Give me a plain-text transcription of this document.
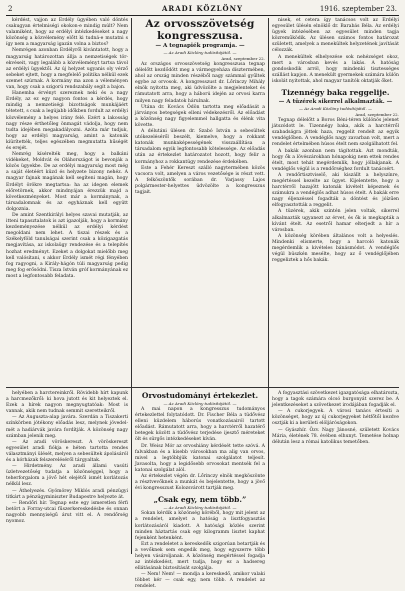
2	ARADI KÖZLÖNY	1916. szeptember 23.

kérdést, vajjon az Erdély ügyében való döntés csakugyan értelmiségi okokon-e mindig múlt? Nem valamiként, hogy az erdélyi intézkedéseket a nagy közönség a közvélemény előtt ki tudná-e mutatni s így nem a magyarság igazán volna a biztos?

Nemrégen azonban Erdélyről kivántatott, hogy a magyarság határozottan állja a nemzetiségek törekvéseit, vagy legalább a közvéleményt tartsa távol az erdélyi ügyektől. Az új helyzet ugyanis oly vérző sebeket ejtett, hogy a megfelelő politika nélkül ezek szemet szúrnak. A kormány ma azon a véleményen van, hogy csak a szigorú rendszabály segít a bajon.

Hanemha érvényt szereznek neki és a nagy Erdély, az ez egy nagyon fontos a kérdés, hogy mindig a nemzetiségi bizottságok munkájáért tétetett, s csak a legújabb időkben fordult az erdélyi közvélemény a helyes irány felé. Ezért a lakosság nagy része érthetőleg önmagát vádolja, hogy nem tudta idejében megakadályozni. Azóta már tudjuk, hogy az erdélyi magyarság, amint a katonák kiürítették, teljes egészében megmutatta hűségét és erejét.

Nemrég kísérelték meg, hogy a balkáni vidékeket, Moldvát és Oláhországot is bevonják a közös ügyekbe. De az erdélyi magyarság most még a saját életéért küzd és helyzete bizony nehéz. A magyar fajnak magának kell segíteni magán, hogy Erdélyt örökre megtartsa: ha az idegen elemek előretörnek, akkor mindnyájan érezzük majd a következményeket. Most már a kormánynak, a társadalomnak és az egyháznak kell együtt dolgoznia.

De amint Szentkirályi helyes szavai mutatják, az itteni tapasztalatok is azt igazolják, hogy a kormány kezdeményezése nélkül az erdélyi kérdést megoldani nem lehet. A tiszai részek és a Székelyföld tanulságai szerint csak a közigazgatás megjavítása, az iskolaügy rendezése és a telepítés hozhat eredményt. Ezeket a dolgokat mielőbb meg kell valósítani, s akkor Erdély ismét régi fényében fog ragyogni, a Király-hágón túli magyarság pedig meg fog erősödni. Tisza István gróf kormányának ez most a legfontosabb feladata.

Az orvosszövetség kongresszusa.

— A tegnapiék programja. —

— Az Aradi Közlöny tudósítójától. —

Arad, szeptember 22.

Az országos orvosszövetség kongresszusa tegnap délelőtt kezdődött meg a vármegyeháza dísztermében, ahol az ország minden részéből nagy számmal gyűltek egybe az orvosok. A kongresszust dr. Lőrinczy Mihály elnök nyitotta meg, aki üdvözölte a megjelenteket és rámutatott arra, hogy a háború idején az orvosi karra milyen nagy feladatok hárulnak.

Utána dr. Kovács Ödön tartotta meg előadását a járványos betegségek elleni védekezésről. Az előadást a közönség nagy figyelemmel hallgatta és élénk vita követte.

A délutáni ülésen dr. Szabó István a sebesültek utókezeléséről beszélt, kiemelve, hogy a rokkant katonák munkaképességének visszaállítása a társadalom egyik legfontosabb kötelessége. Az előadás után az értekezlet határozatot hozott, hogy felir a kormányhoz a rokkantügy rendezése érdekében.

Este a Fehér Kereszt szálló nagytermében közös vacsora volt, amelyen a város vezetősége is részt vett. A felköszöntők sorában dr. Varjassy Lajos polgármester-helyettes üdvözölte a kongresszus tagjait.

nisek, et cetera így tanácsos volt az Erdélyi egyesület ülésén elnöklő dr. Barabás Béla. Az erdélyi ügyek intézésében az egyesület minden tagja közreműködik. Az ülésen számos fontos határozat született, amelyek a menekültek helyzetének javítását célozzák.

A menekültek elhelyezése sok nehézséget okoz, mert a városban kevés a lakás. A hatóság gondoskodik arról, hogy mindenki tisztességes szállást kapjon. A menekült gyermekek számára külön iskolát nyitottak, ahol magyar tanítók oktatják őket.

Tizennégy baka reggelije.

— A tüzérek sikerrel alkalmazták. —

— Az Aradi Közlöny tudósítójától. —

Arad, szeptember 22.

Tegnap délelőtt a Boros Béni-téren különös jelenet játszódott le. Tizennégy baka, akik a harctérről szabadságra jöttek haza, reggelit rendelt az egyik vendéglőben. A vendéglős nagy zavarban volt, mert a rendelet értelmében húsos ételt nem szolgálhatott fel.

A bakák azonban nem tágítottak. Azt mondták, hogy ők a lövészárokban hónapokig nem ettek rendes ételt, most tehát megérdemlik, hogy jóllakjanak. A vendéglős végül is a rendőrséghez fordult tanácsért.

A rendőrtisztviselő, aki kiszállt a helyszínre, megértéssel kezelte az ügyet. Kijelentette, hogy a harctérről hazajött katonák kivételt képeznek és számukra a vendéglős adhat húsos ételt. A bakák erre nagy éljenzéssel fogadták a döntést és jóízűen elfogyasztották a reggelit.

A tüzérek, akik szintén jelen voltak, sikerrel alkalmazták ugyanezt az érvet, és ők is megkapták a kívánt ételt. Az esetről hamar elterjedt a hír a városban.

A közönség körében általános volt a helyeslés. Mindenki elismerte, hogy a harcoló katonák megérdemlik a kivételes bánásmódot. A vendéglős végül büszkén mesélte, hogy az ő vendéglőjében reggeliztek a hős bakák.

helyében a harctereinkről. Rövidebb hírt kapunk a harcmezőkről: ki hova jutott és kit helyeztek el. Ezek a hírek nagyon megnyugtatóak: Most is vannak, akik nem tudnak semmit szeretteikről.

— Az Auguszta-alap javára. Szerdán a Tiszakerti színkörben jótékony előadás lesz, melynek jövedelmét a hadiárvák javára fordítják. A közönség nagy számban jelenik meg.

— Az aradi vöröskereszt. A vöröskereszt egyesület aradi fiókja e héten tartotta rendes választmányi ülését, melyen a sebesültek ápolásáról és a kórházak felszereléséről tárgyaltak.

— Hirdetmény. Az aradi állami vasúti üzletvezetőség tudatja a közönséggel, hogy a teherforgalom a jövő hét elejétől ismét korlátozás nélkül lesz.

— Áthelyezés. Gyömörey Miklós aradi pénzügyi titkárt a pénzügyminiszter Budapestre helyezte át.

— Rendőri hír. Tegnap este egy ismeretlen férfi betört a Forray-utcai fűszerkereskedésbe és onnan nagyobb mennyiségű árut vitt el. A rendőrség nyomoz.

Orvostudományi értekezlet.

— Az Aradi Közlöny tudósítójától. —

A mai napon a kongresszus tudományos értekezlettel folytatódott. Dr. Fischer Béla a tüdővész elleni küzdelem háborús vonatkozásairól tartott előadást. Rámutatott arra, hogy a harctérről hazatérő betegek között a tüdővész terjedése ijesztő méreteket ölt és sürgős intézkedéseket kíván.

Dr. Weisz Mór az orvoshiány kérdését tette szóvá. A falvakban és a kisebb városokban ma alig van orvos, mivel a legtöbbjük katonai szolgálatot teljesít. Javasolta, hogy a legidősebb orvosokat mentsék fel a katonai szolgálat alól.

Az értekezlet végén dr. Lőrinczy elnök megköszönte a résztvevőknek a munkát és bejelentette, hogy a jövő évi kongresszust Kolozsvárott tartják meg.

„Csak egy, nem több.”

— Az Aradi Közlöny tudósítójától. —

Sokan kérdik a közönség köréből, hogy mit jelent az a rendelet, amelyet a hatóság a lisztfogyasztás korlátozásáról kiadott. A hatósági közlés szerint minden háztartás csak egy kilogramm lisztet kaphat fejenként hetenként.

Ezt a rendeletet a kereskedők szigorúan betartják és a vevőknek sem engedik meg, hogy egyszerre több helyen vásároljanak. A közönség megértéssel fogadja az intézkedést, mert tudja, hogy ez a hadsereg ellátásának biztosítását szolgálja.

— Nem! Nem! — mondja a kereskedő, amikor valaki többet kér — csak egy, nem több. A rendelet az rendelet.

A fogyasztási szövetkezet igazgatósága elhatározta, hogy a tagok számára olcsó burgonyát szerez be. A jelentkezéseket a szövetkezet irodájában fogadják el.

— A cukorjegyek. A városi tanács értesíti a közönséget, hogy az új cukorjegyeket hétfőtől kezdve osztják ki a kerületi elöljáróságokon.

— Gyászhír. Özv. Nagy Jánosné, született Kovács Mária, életének 78. évében elhunyt. Temetése holnap délután lesz a római katolikus temetőben.
